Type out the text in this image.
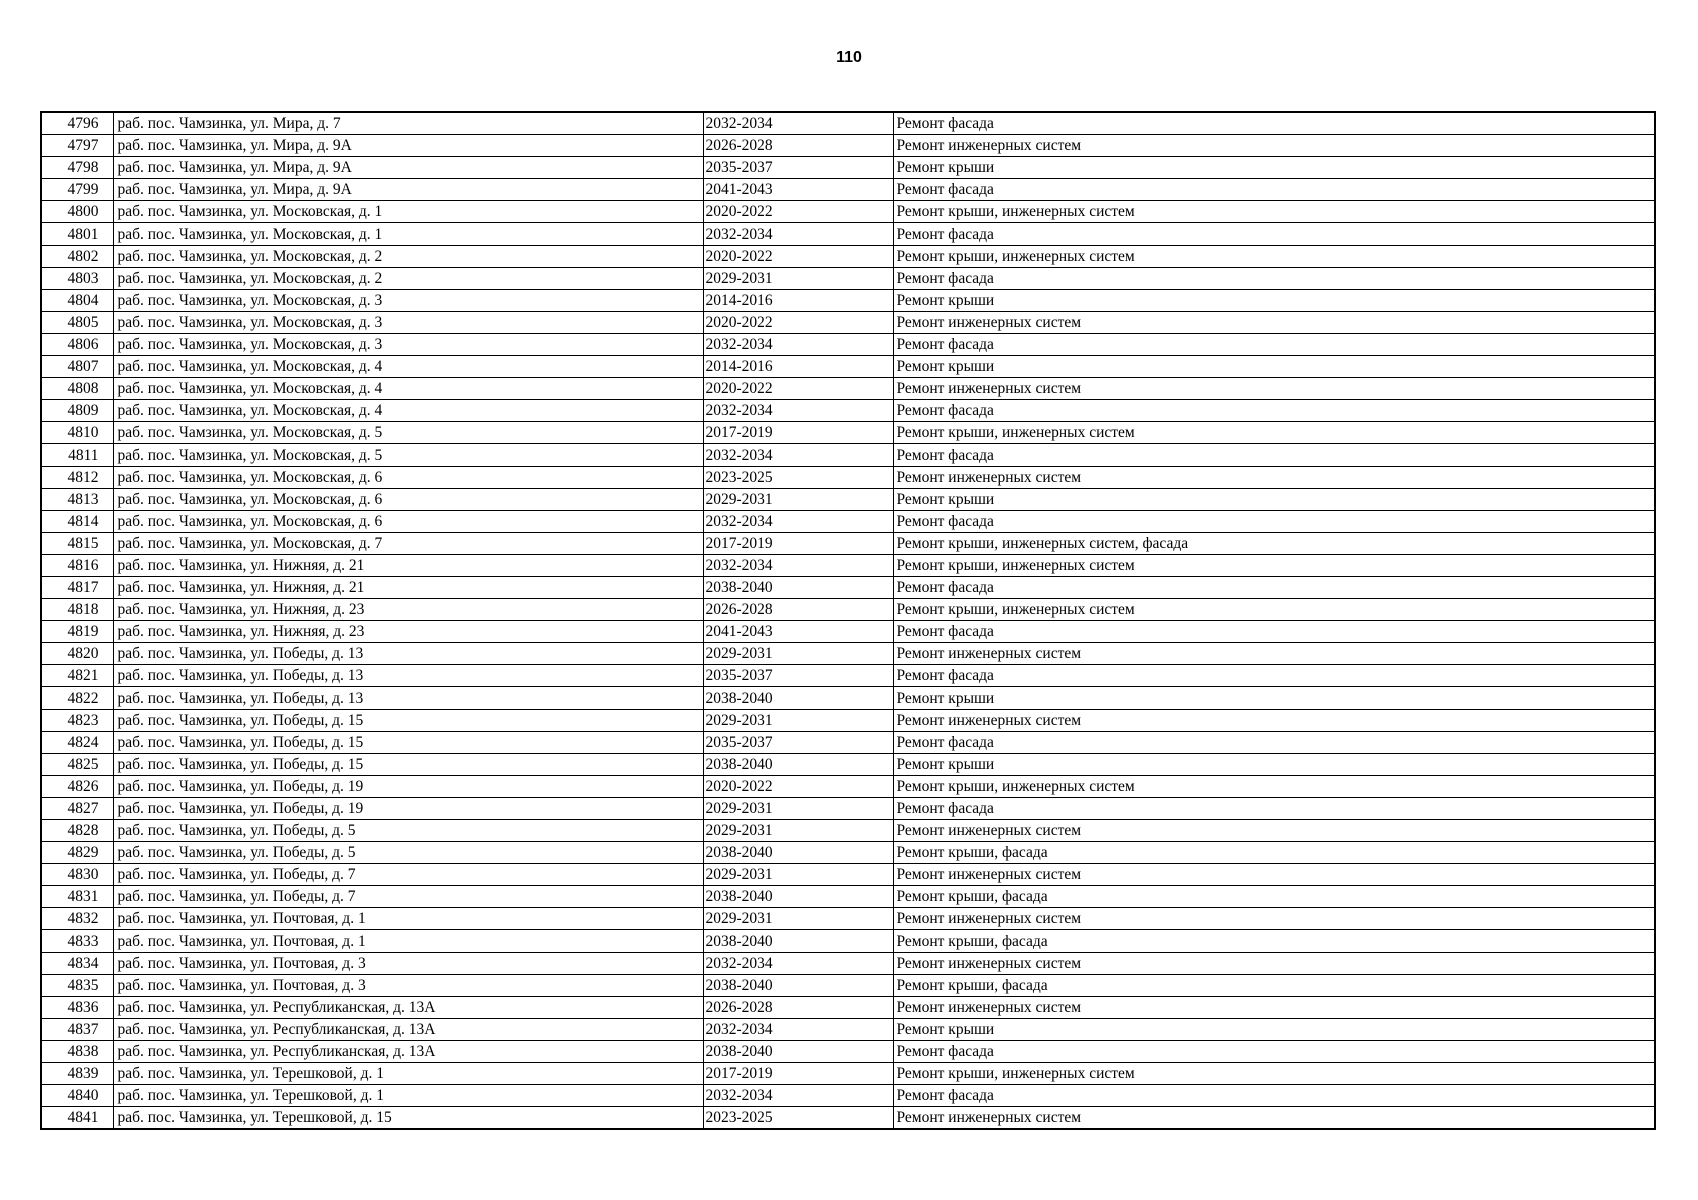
110
4796	раб. пос. Чамзинка, ул. Мира, д. 7	2032-2034	Ремонт фасада
4797	раб. пос. Чамзинка, ул. Мира, д. 9А	2026-2028	Ремонт инженерных систем
4798	раб. пос. Чамзинка, ул. Мира, д. 9А	2035-2037	Ремонт крыши
4799	раб. пос. Чамзинка, ул. Мира, д. 9А	2041-2043	Ремонт фасада
4800	раб. пос. Чамзинка, ул. Московская, д. 1	2020-2022	Ремонт крыши, инженерных систем
4801	раб. пос. Чамзинка, ул. Московская, д. 1	2032-2034	Ремонт фасада
4802	раб. пос. Чамзинка, ул. Московская, д. 2	2020-2022	Ремонт крыши, инженерных систем
4803	раб. пос. Чамзинка, ул. Московская, д. 2	2029-2031	Ремонт фасада
4804	раб. пос. Чамзинка, ул. Московская, д. 3	2014-2016	Ремонт крыши
4805	раб. пос. Чамзинка, ул. Московская, д. 3	2020-2022	Ремонт инженерных систем
4806	раб. пос. Чамзинка, ул. Московская, д. 3	2032-2034	Ремонт фасада
4807	раб. пос. Чамзинка, ул. Московская, д. 4	2014-2016	Ремонт крыши
4808	раб. пос. Чамзинка, ул. Московская, д. 4	2020-2022	Ремонт инженерных систем
4809	раб. пос. Чамзинка, ул. Московская, д. 4	2032-2034	Ремонт фасада
4810	раб. пос. Чамзинка, ул. Московская, д. 5	2017-2019	Ремонт крыши, инженерных систем
4811	раб. пос. Чамзинка, ул. Московская, д. 5	2032-2034	Ремонт фасада
4812	раб. пос. Чамзинка, ул. Московская, д. 6	2023-2025	Ремонт инженерных систем
4813	раб. пос. Чамзинка, ул. Московская, д. 6	2029-2031	Ремонт крыши
4814	раб. пос. Чамзинка, ул. Московская, д. 6	2032-2034	Ремонт фасада
4815	раб. пос. Чамзинка, ул. Московская, д. 7	2017-2019	Ремонт крыши, инженерных систем, фасада
4816	раб. пос. Чамзинка, ул. Нижняя, д. 21	2032-2034	Ремонт крыши, инженерных систем
4817	раб. пос. Чамзинка, ул. Нижняя, д. 21	2038-2040	Ремонт фасада
4818	раб. пос. Чамзинка, ул. Нижняя, д. 23	2026-2028	Ремонт крыши, инженерных систем
4819	раб. пос. Чамзинка, ул. Нижняя, д. 23	2041-2043	Ремонт фасада
4820	раб. пос. Чамзинка, ул. Победы, д. 13	2029-2031	Ремонт инженерных систем
4821	раб. пос. Чамзинка, ул. Победы, д. 13	2035-2037	Ремонт фасада
4822	раб. пос. Чамзинка, ул. Победы, д. 13	2038-2040	Ремонт крыши
4823	раб. пос. Чамзинка, ул. Победы, д. 15	2029-2031	Ремонт инженерных систем
4824	раб. пос. Чамзинка, ул. Победы, д. 15	2035-2037	Ремонт фасада
4825	раб. пос. Чамзинка, ул. Победы, д. 15	2038-2040	Ремонт крыши
4826	раб. пос. Чамзинка, ул. Победы, д. 19	2020-2022	Ремонт крыши, инженерных систем
4827	раб. пос. Чамзинка, ул. Победы, д. 19	2029-2031	Ремонт фасада
4828	раб. пос. Чамзинка, ул. Победы, д. 5	2029-2031	Ремонт инженерных систем
4829	раб. пос. Чамзинка, ул. Победы, д. 5	2038-2040	Ремонт крыши, фасада
4830	раб. пос. Чамзинка, ул. Победы, д. 7	2029-2031	Ремонт инженерных систем
4831	раб. пос. Чамзинка, ул. Победы, д. 7	2038-2040	Ремонт крыши, фасада
4832	раб. пос. Чамзинка, ул. Почтовая, д. 1	2029-2031	Ремонт инженерных систем
4833	раб. пос. Чамзинка, ул. Почтовая, д. 1	2038-2040	Ремонт крыши, фасада
4834	раб. пос. Чамзинка, ул. Почтовая, д. 3	2032-2034	Ремонт инженерных систем
4835	раб. пос. Чамзинка, ул. Почтовая, д. 3	2038-2040	Ремонт крыши, фасада
4836	раб. пос. Чамзинка, ул. Республиканская, д. 13А	2026-2028	Ремонт инженерных систем
4837	раб. пос. Чамзинка, ул. Республиканская, д. 13А	2032-2034	Ремонт крыши
4838	раб. пос. Чамзинка, ул. Республиканская, д. 13А	2038-2040	Ремонт фасада
4839	раб. пос. Чамзинка, ул. Терешковой, д. 1	2017-2019	Ремонт крыши, инженерных систем
4840	раб. пос. Чамзинка, ул. Терешковой, д. 1	2032-2034	Ремонт фасада
4841	раб. пос. Чамзинка, ул. Терешковой, д. 15	2023-2025	Ремонт инженерных систем
